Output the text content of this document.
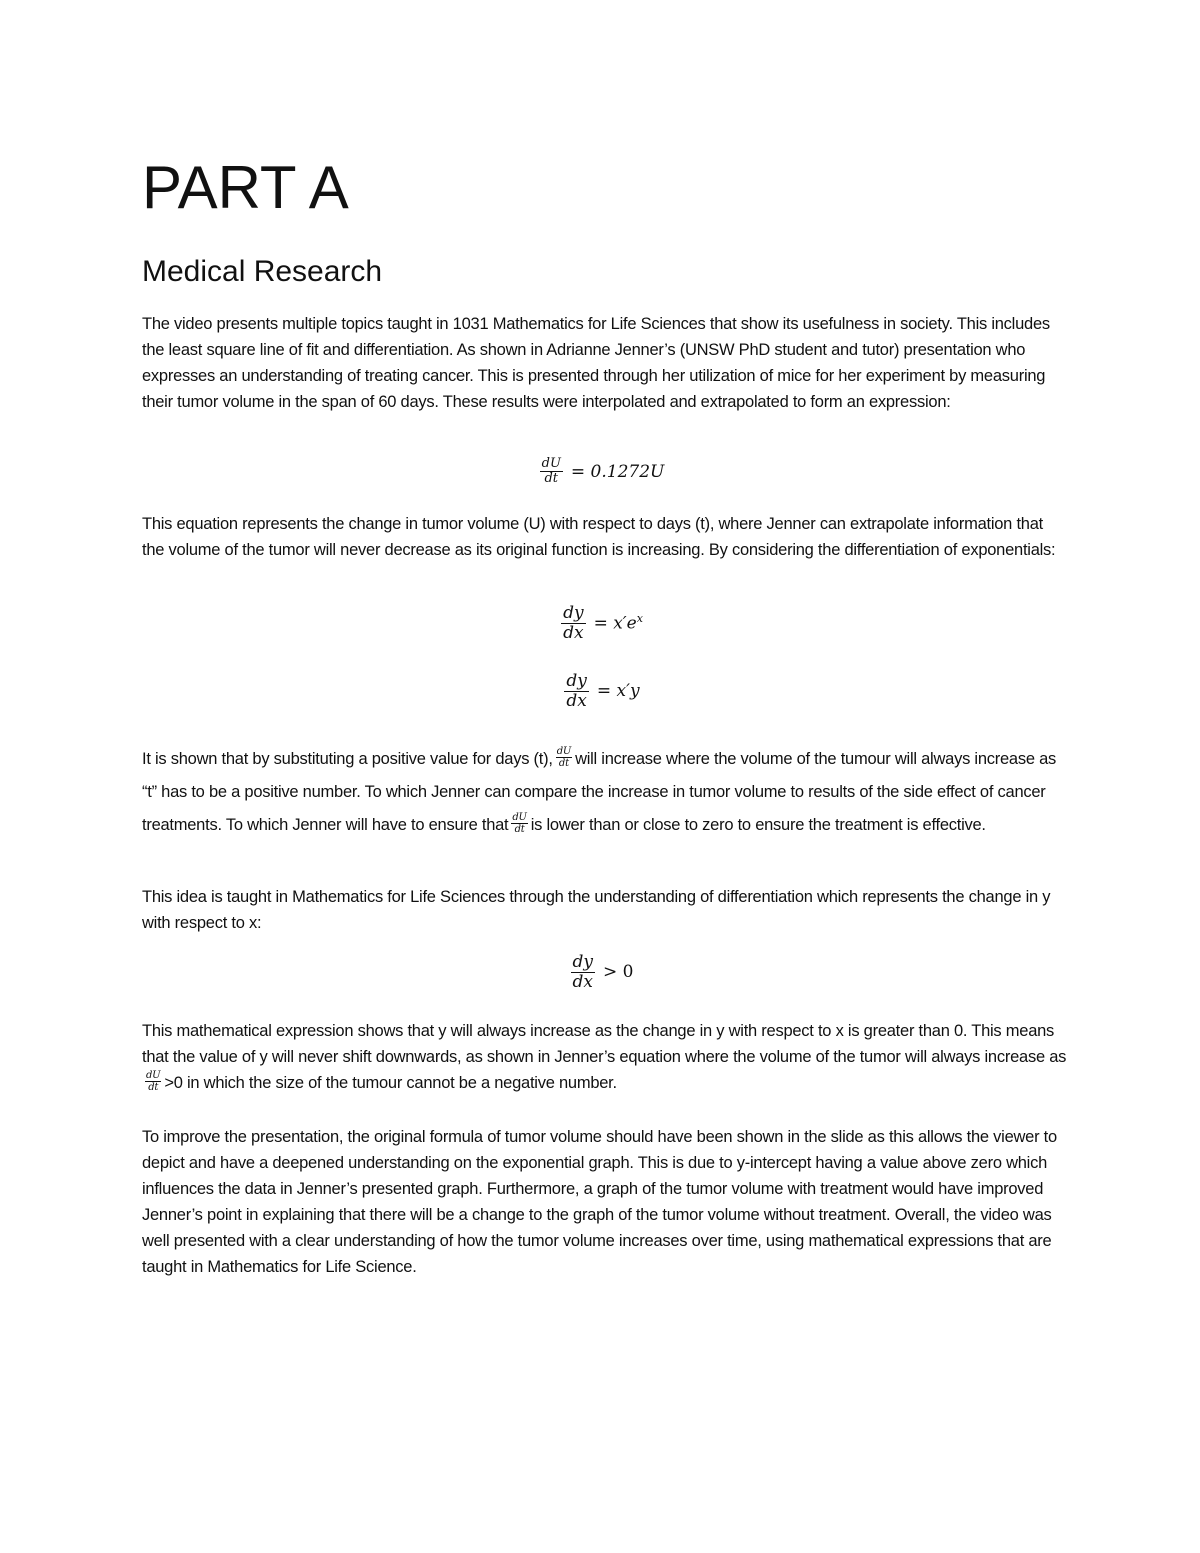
PART A
Medical Research

The video presents multiple topics taught in 1031 Mathematics for Life Sciences that show its usefulness in society. This includes the least square line of fit and differentiation. As shown in Adrianne Jenner’s (UNSW PhD student and tutor) presentation who expresses an understanding of treating cancer. This is presented through her utilization of mice for her experiment by measuring their tumor volume in the span of 60 days. These results were interpolated and extrapolated to form an expression:

$\frac{dU}{dt} = 0.1272U$

This equation represents the change in tumor volume (U) with respect to days (t), where Jenner can extrapolate information that the volume of the tumor will never decrease as its original function is increasing. By considering the differentiation of exponentials:

$\frac{dy}{dx} = x'e^x$
$\frac{dy}{dx} = x'y$

It is shown that by substituting a positive value for days (t), $\frac{dU}{dt}$ will increase where the volume of the tumour will always increase as “t” has to be a positive number. To which Jenner can compare the increase in tumor volume to results of the side effect of cancer treatments. To which Jenner will have to ensure that $\frac{dU}{dt}$ is lower than or close to zero to ensure the treatment is effective.

This idea is taught in Mathematics for Life Sciences through the understanding of differentiation which represents the change in y with respect to x:

$\frac{dy}{dx} > 0$

This mathematical expression shows that y will always increase as the change in y with respect to x is greater than 0. This means that the value of y will never shift downwards, as shown in Jenner’s equation where the volume of the tumor will always increase as
$\frac{dU}{dt} >0$ in which the size of the tumour cannot be a negative number.

To improve the presentation, the original formula of tumor volume should have been shown in the slide as this allows the viewer to depict and have a deepened understanding on the exponential graph. This is due to y-intercept having a value above zero which influences the data in Jenner’s presented graph. Furthermore, a graph of the tumor volume with treatment would have improved Jenner’s point in explaining that there will be a change to the graph of the tumor volume without treatment. Overall, the video was well presented with a clear understanding of how the tumor volume increases over time, using mathematical expressions that are taught in Mathematics for Life Science.
